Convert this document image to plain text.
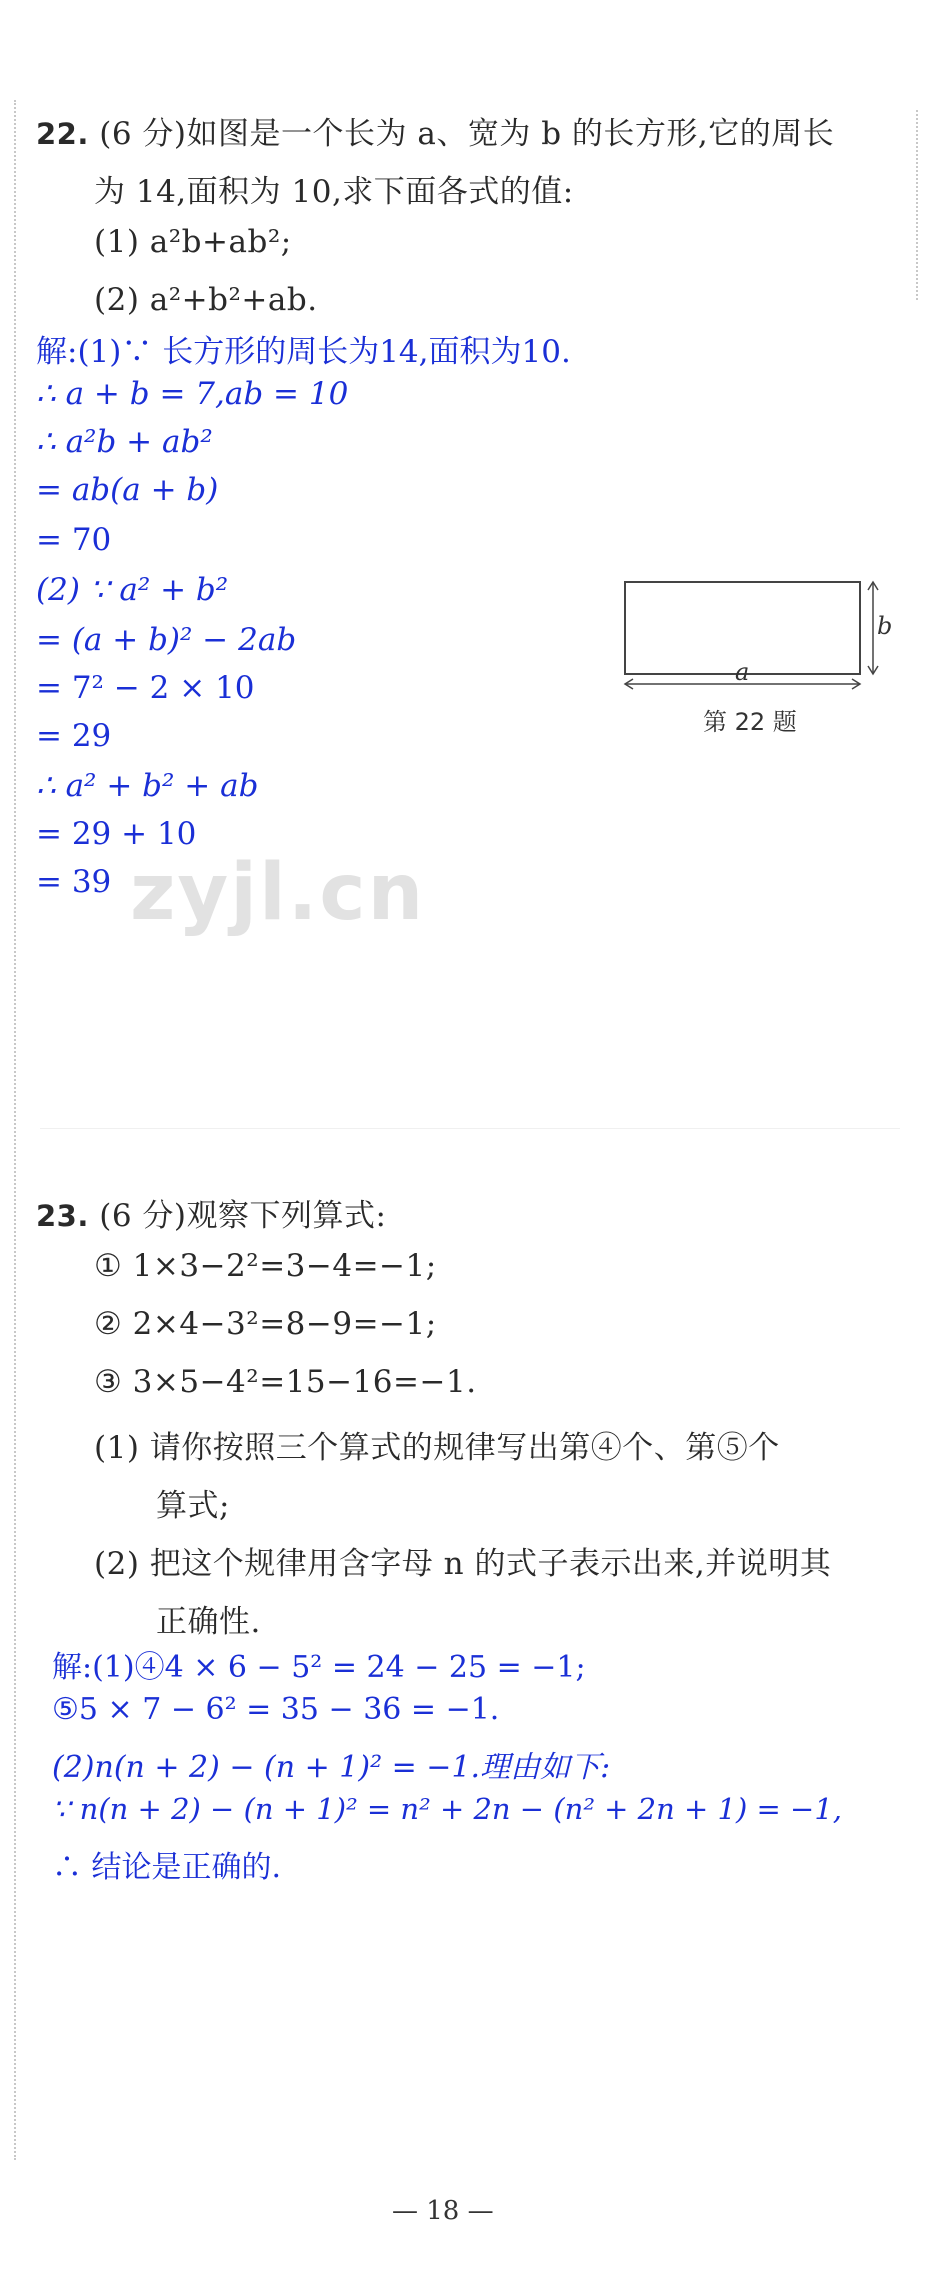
22. (6 分)如图是一个长为 a、宽为 b 的长方形,它的周长
为 14,面积为 10,求下面各式的值:
(1) a²b+ab²;
(2) a²+b²+ab.
解:(1)∵ 长方形的周长为14,面积为10.
∴ a + b = 7,ab = 10
∴ a²b + ab²
= ab(a + b)
= 70
(2) ∵ a² + b²
= (a + b)² − 2ab
= 7² − 2 × 10
= 29
∴ a² + b² + ab
= 29 + 10
= 39
b
a
第 22 题
zyjl.cn
23. (6 分)观察下列算式:
① 1×3−2²=3−4=−1;
② 2×4−3²=8−9=−1;
③ 3×5−4²=15−16=−1.
(1) 请你按照三个算式的规律写出第④个、第⑤个
算式;
(2) 把这个规律用含字母 n 的式子表示出来,并说明其
正确性.
解:(1)④4 × 6 − 5² = 24 − 25 = −1;
⑤5 × 7 − 6² = 35 − 36 = −1.
(2)n(n + 2) − (n + 1)² = −1.理由如下:
∵ n(n + 2) − (n + 1)² = n² + 2n − (n² + 2n + 1) = −1,
∴ 结论是正确的.
— 18 —
